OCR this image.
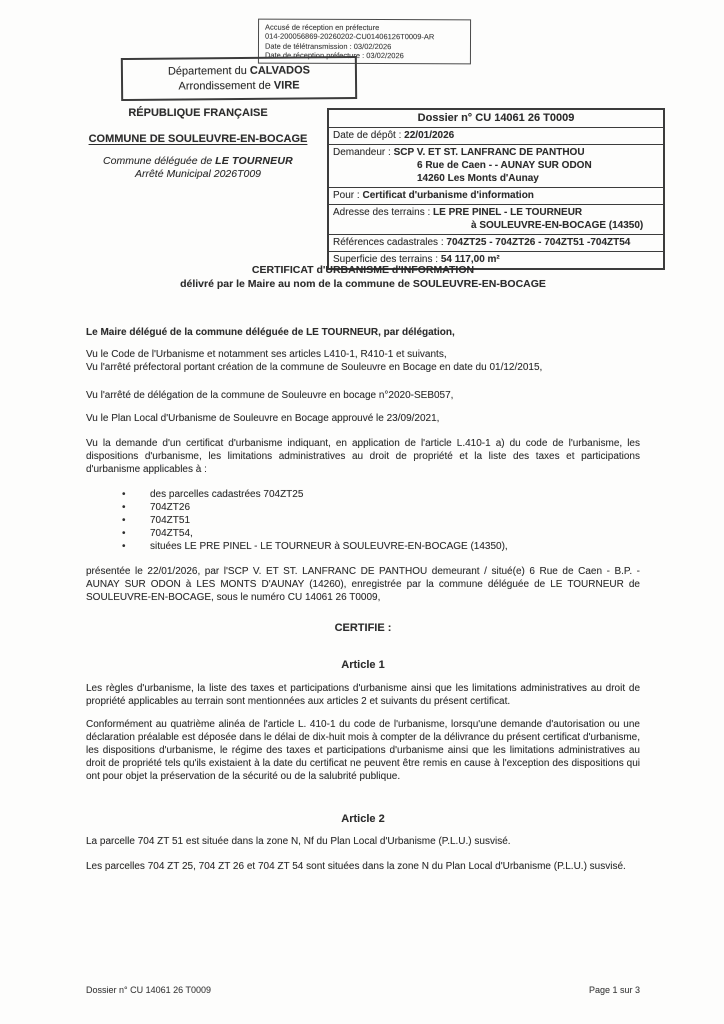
Accusé de réception en préfecture
014-200056869-20260202-CU01406126T0009-AR
Date de télétransmission : 03/02/2026
Date de réception préfecture : 03/02/2026
Département du CALVADOS
Arrondissement de VIRE
RÉPUBLIQUE FRANÇAISE
COMMUNE DE SOULEUVRE-EN-BOCAGE
Commune déléguée de LE TOURNEUR
Arrêté Municipal 2026T009
Dossier n° CU 14061 26 T0009
Date de dépôt : 22/01/2026
Demandeur : SCP V. ET ST. LANFRANC DE PANTHOU
6 Rue de Caen - - AUNAY SUR ODON
14260 Les Monts d'Aunay
Pour : Certificat d'urbanisme d'information
Adresse des terrains : LE PRE PINEL - LE TOURNEUR
à SOULEUVRE-EN-BOCAGE (14350)
Références cadastrales : 704ZT25 - 704ZT26 - 704ZT51 -704ZT54
Superficie des terrains : 54 117,00 m²
CERTIFICAT d'URBANISME d'INFORMATION
délivré par le Maire au nom de la commune de SOULEUVRE-EN-BOCAGE

Le Maire délégué de la commune déléguée de LE TOURNEUR, par délégation,

Vu le Code de l'Urbanisme et notamment ses articles L410-1, R410-1 et suivants,
Vu l'arrêté préfectoral portant création de la commune de Souleuvre en Bocage en date du 01/12/2015,

Vu l'arrêté de délégation de la commune de Souleuvre en bocage n°2020-SEB057,

Vu le Plan Local d'Urbanisme de Souleuvre en Bocage approuvé le 23/09/2021,

Vu la demande d'un certificat d'urbanisme indiquant, en application de l'article L.410-1 a) du code de l'urbanisme, les dispositions d'urbanisme, les limitations administratives au droit de propriété et la liste des taxes et participations d'urbanisme applicables à :

• des parcelles cadastrées 704ZT25
• 704ZT26
• 704ZT51
• 704ZT54,
• situées LE PRE PINEL - LE TOURNEUR à SOULEUVRE-EN-BOCAGE (14350),

présentée le 22/01/2026, par l'SCP V. ET ST. LANFRANC DE PANTHOU demeurant / situé(e) 6 Rue de Caen - B.P. - AUNAY SUR ODON à LES MONTS D'AUNAY (14260), enregistrée par la commune déléguée de LE TOURNEUR de SOULEUVRE-EN-BOCAGE, sous le numéro CU 14061 26 T0009,

CERTIFIE :

Article 1

Les règles d'urbanisme, la liste des taxes et participations d'urbanisme ainsi que les limitations administratives au droit de propriété applicables au terrain sont mentionnées aux articles 2 et suivants du présent certificat.

Conformément au quatrième alinéa de l'article L. 410-1 du code de l'urbanisme, lorsqu'une demande d'autorisation ou une déclaration préalable est déposée dans le délai de dix-huit mois à compter de la délivrance du présent certificat d'urbanisme, les dispositions d'urbanisme, le régime des taxes et participations d'urbanisme ainsi que les limitations administratives au droit de propriété tels qu'ils existaient à la date du certificat ne peuvent être remis en cause à l'exception des dispositions qui ont pour objet la préservation de la sécurité ou de la salubrité publique.

Article 2

La parcelle 704 ZT 51 est située dans la zone N, Nf du Plan Local d'Urbanisme (P.L.U.) susvisé.

Les parcelles 704 ZT 25, 704 ZT 26 et 704 ZT 54 sont situées dans la zone N du Plan Local d'Urbanisme (P.L.U.) susvisé.

Dossier n° CU 14061 26 T0009	Page 1 sur 3
